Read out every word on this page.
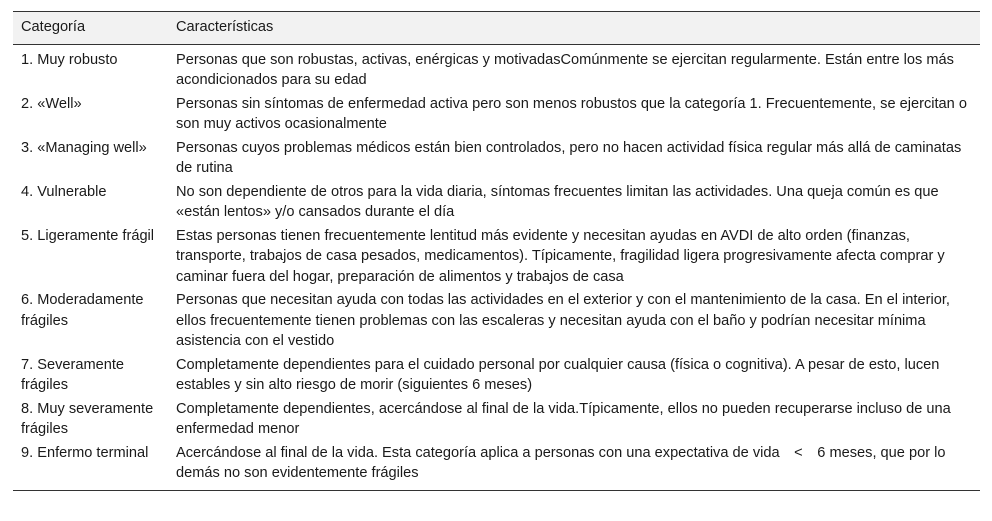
Categoría	Características
1. Muy robusto	Personas que son robustas, activas, enérgicas y motivadasComúnmente se ejercitan regularmente. Están entre los más acondicionados para su edad
2. «Well»	Personas sin síntomas de enfermedad activa pero son menos robustos que la categoría 1. Frecuentemente, se ejercitan o son muy activos ocasionalmente
3. «Managing well»	Personas cuyos problemas médicos están bien controlados, pero no hacen actividad física regular más allá de caminatas de rutina
4. Vulnerable	No son dependiente de otros para la vida diaria, síntomas frecuentes limitan las actividades. Una queja común es que «están lentos» y/o cansados durante el día
5. Ligeramente frágil	Estas personas tienen frecuentemente lentitud más evidente y necesitan ayudas en AVDI de alto orden (finanzas, transporte, trabajos de casa pesados, medicamentos). Típicamente, fragilidad ligera progresivamente afecta comprar y caminar fuera del hogar, preparación de alimentos y trabajos de casa
6. Moderadamente frágiles	Personas que necesitan ayuda con todas las actividades en el exterior y con el mantenimiento de la casa. En el interior, ellos frecuentemente tienen problemas con las escaleras y necesitan ayuda con el baño y podrían necesitar mínima asistencia con el vestido
7. Severamente frágiles	Completamente dependientes para el cuidado personal por cualquier causa (física o cognitiva). A pesar de esto, lucen estables y sin alto riesgo de morir (siguientes 6 meses)
8. Muy severamente frágiles	Completamente dependientes, acercándose al final de la vida.Típicamente, ellos no pueden recuperarse incluso de una enfermedad menor
9. Enfermo terminal	Acercándose al final de la vida. Esta categoría aplica a personas con una expectativa de vida < 6 meses, que por lo demás no son evidentemente frágiles
